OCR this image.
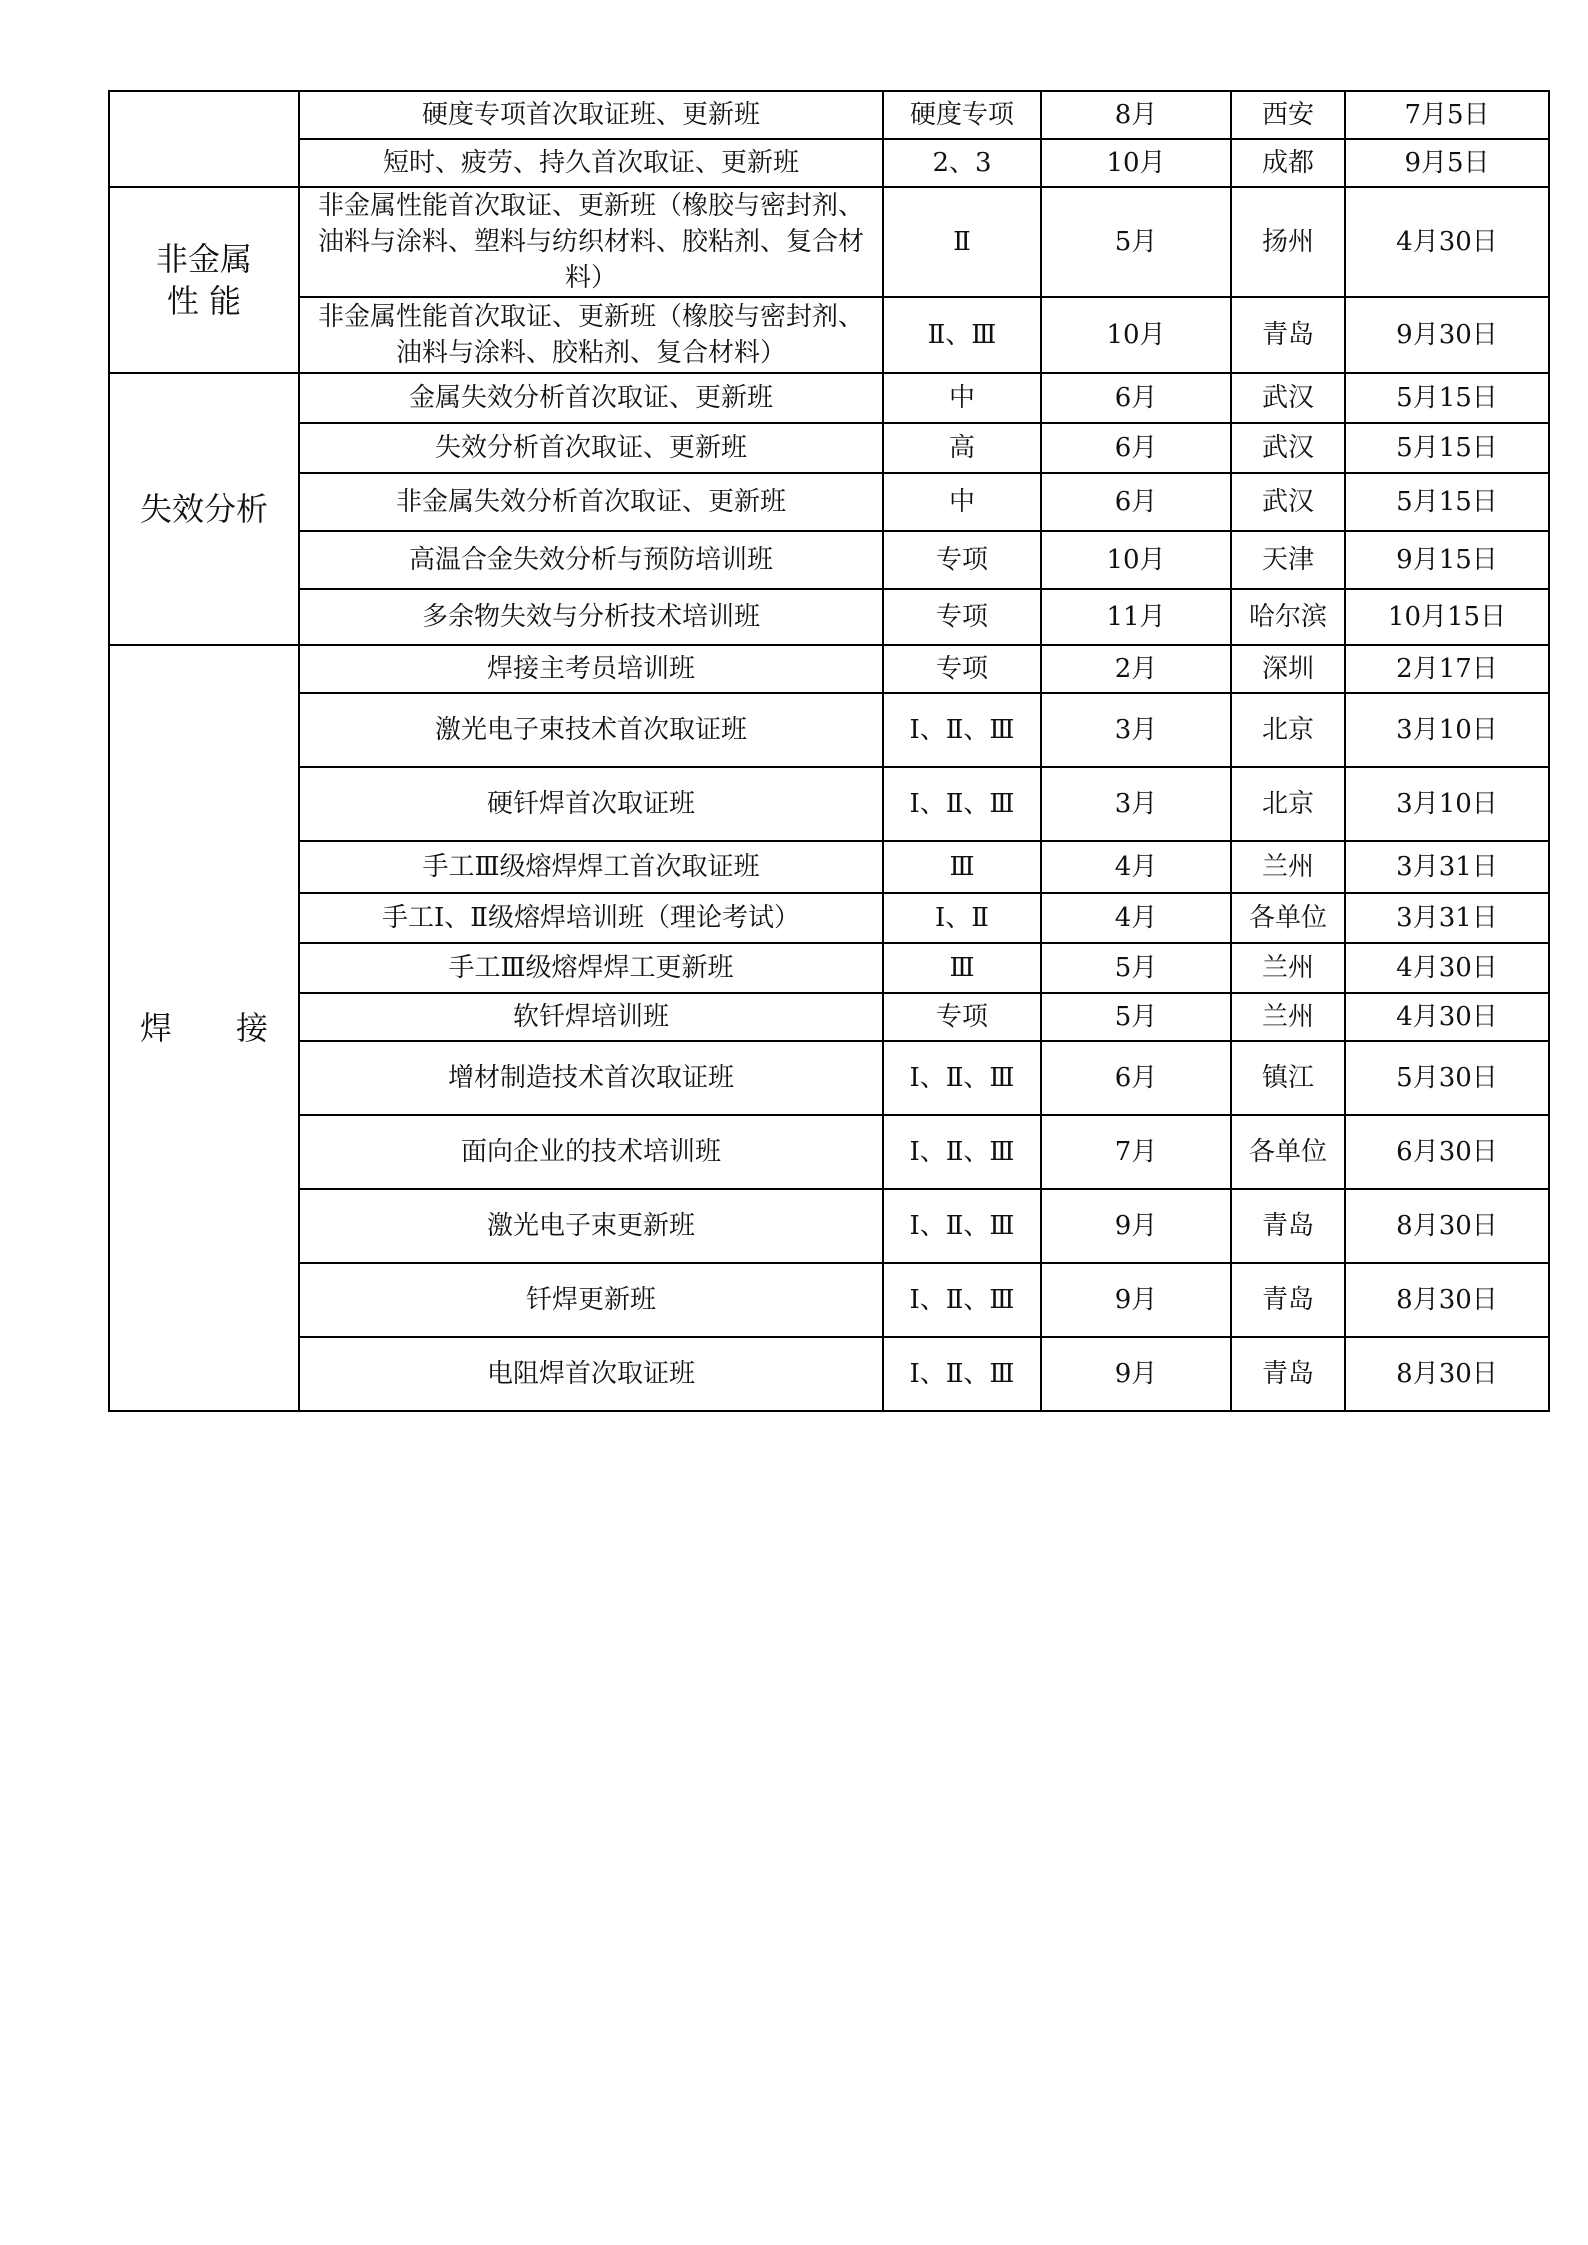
	硬度专项首次取证班、更新班	硬度专项	8月	西安	7月5日
	短时、疲劳、持久首次取证、更新班	2、3	10月	成都	9月5日

非金属
性 能	非金属性能首次取证、更新班（橡胶与密封剂、油料与涂料、塑料与纺织材料、胶粘剂、复合材料）	Ⅱ	5月	扬州	4月30日
	非金属性能首次取证、更新班（橡胶与密封剂、油料与涂料、胶粘剂、复合材料）	Ⅱ、Ⅲ	10月	青岛	9月30日

失效分析	金属失效分析首次取证、更新班	中	6月	武汉	5月15日
	失效分析首次取证、更新班	高	6月	武汉	5月15日
	非金属失效分析首次取证、更新班	中	6月	武汉	5月15日
	高温合金失效分析与预防培训班	专项	10月	天津	9月15日
	多余物失效与分析技术培训班	专项	11月	哈尔滨	10月15日

焊　　接	焊接主考员培训班	专项	2月	深圳	2月17日
	激光电子束技术首次取证班	Ⅰ、Ⅱ、Ⅲ	3月	北京	3月10日
	硬钎焊首次取证班	Ⅰ、Ⅱ、Ⅲ	3月	北京	3月10日
	手工Ⅲ级熔焊焊工首次取证班	Ⅲ	4月	兰州	3月31日
	手工Ⅰ、Ⅱ级熔焊培训班（理论考试）	Ⅰ、Ⅱ	4月	各单位	3月31日
	手工Ⅲ级熔焊焊工更新班	Ⅲ	5月	兰州	4月30日
	软钎焊培训班	专项	5月	兰州	4月30日
	增材制造技术首次取证班	Ⅰ、Ⅱ、Ⅲ	6月	镇江	5月30日
	面向企业的技术培训班	Ⅰ、Ⅱ、Ⅲ	7月	各单位	6月30日
	激光电子束更新班	Ⅰ、Ⅱ、Ⅲ	9月	青岛	8月30日
	钎焊更新班	Ⅰ、Ⅱ、Ⅲ	9月	青岛	8月30日
	电阻焊首次取证班	Ⅰ、Ⅱ、Ⅲ	9月	青岛	8月30日
